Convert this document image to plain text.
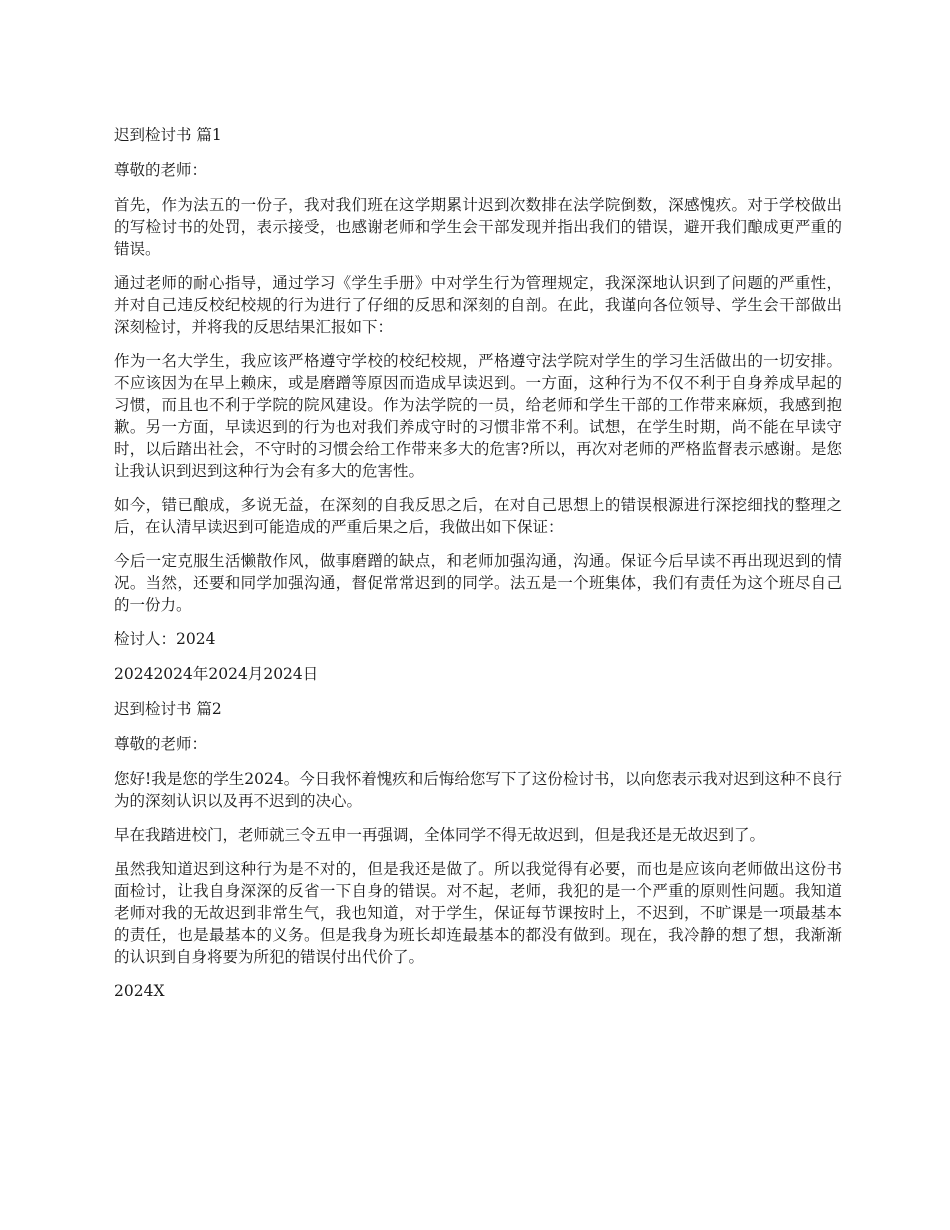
迟到检讨书 篇1

尊敬的老师：

首先，作为法五的一份子，我对我们班在这学期累计迟到次数排在法学院倒数，深感愧疚。对于学校做出的写检讨书的处罚，表示接受，也感谢老师和学生会干部发现并指出我们的错误，避开我们酿成更严重的错误。

通过老师的耐心指导，通过学习《学生手册》中对学生行为管理规定，我深深地认识到了问题的严重性，并对自己违反校纪校规的行为进行了仔细的反思和深刻的自剖。在此，我谨向各位领导、学生会干部做出深刻检讨，并将我的反思结果汇报如下：

作为一名大学生，我应该严格遵守学校的校纪校规，严格遵守法学院对学生的学习生活做出的一切安排。不应该因为在早上赖床，或是磨蹭等原因而造成早读迟到。一方面，这种行为不仅不利于自身养成早起的习惯，而且也不利于学院的院风建设。作为法学院的一员，给老师和学生干部的工作带来麻烦，我感到抱歉。另一方面，早读迟到的行为也对我们养成守时的习惯非常不利。试想，在学生时期，尚不能在早读守时，以后踏出社会，不守时的习惯会给工作带来多大的危害?所以，再次对老师的严格监督表示感谢。是您让我认识到迟到这种行为会有多大的危害性。

如今，错已酿成，多说无益，在深刻的自我反思之后，在对自己思想上的错误根源进行深挖细找的整理之后，在认清早读迟到可能造成的严重后果之后，我做出如下保证：

今后一定克服生活懒散作风，做事磨蹭的缺点，和老师加强沟通，沟通。保证今后早读不再出现迟到的情况。当然，还要和同学加强沟通，督促常常迟到的同学。法五是一个班集体，我们有责任为这个班尽自己的一份力。

检讨人：2024

20242024年2024月2024日

迟到检讨书 篇2

尊敬的老师：

您好!我是您的学生2024。今日我怀着愧疚和后悔给您写下了这份检讨书，以向您表示我对迟到这种不良行为的深刻认识以及再不迟到的决心。

早在我踏进校门，老师就三令五申一再强调，全体同学不得无故迟到，但是我还是无故迟到了。

虽然我知道迟到这种行为是不对的，但是我还是做了。所以我觉得有必要，而也是应该向老师做出这份书面检讨，让我自身深深的反省一下自身的错误。对不起，老师，我犯的是一个严重的原则性问题。我知道老师对我的无故迟到非常生气，我也知道，对于学生，保证每节课按时上，不迟到，不旷课是一项最基本的责任，也是最基本的义务。但是我身为班长却连最基本的都没有做到。现在，我冷静的想了想，我渐渐的认识到自身将要为所犯的错误付出代价了。

2024X
